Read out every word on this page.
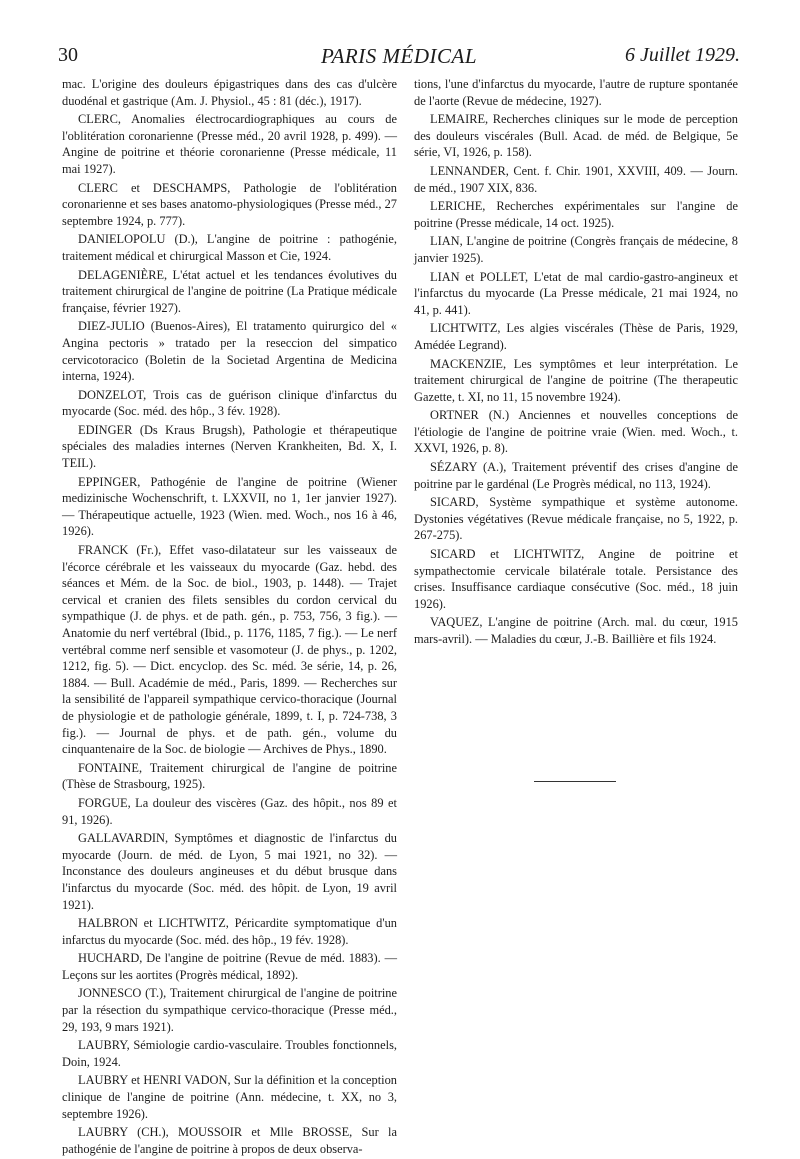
30	PARIS MÉDICAL	6 Juillet 1929.

mac. L'origine des douleurs épigastriques dans des cas d'ulcère duodénal et gastrique (Am. J. Physiol., 45 : 81 (déc.), 1917).

CLERC, Anomalies électrocardiographiques au cours de l'oblitération coronarienne (Presse méd., 20 avril 1928, p. 499). — Angine de poitrine et théorie coronarienne (Presse médicale, 11 mai 1927).

CLERC et DESCHAMPS, Pathologie de l'oblitération coronarienne et ses bases anatomo-physiologiques (Presse méd., 27 septembre 1924, p. 777).

DANIELOPOLU (D.), L'angine de poitrine : pathogénie, traitement médical et chirurgical Masson et Cie, 1924.

DELAGENIÈRE, L'état actuel et les tendances évolutives du traitement chirurgical de l'angine de poitrine (La Pratique médicale française, février 1927).

DIEZ-JULIO (Buenos-Aires), El tratamento quirurgico del « Angina pectoris » tratado per la reseccion del simpatico cervicotoracico (Boletin de la Societad Argentina de Medicina interna, 1924).

DONZELOT, Trois cas de guérison clinique d'infarctus du myocarde (Soc. méd. des hôp., 3 fév. 1928).

EDINGER (Ds Kraus Brugsh), Pathologie et thérapeutique spéciales des maladies internes (Nerven Krankheiten, Bd. X, I. TEIL).

EPPINGER, Pathogénie de l'angine de poitrine (Wiener medizinische Wochenschrift, t. LXXVII, no 1, 1er janvier 1927). — Thérapeutique actuelle, 1923 (Wien. med. Woch., nos 16 à 46, 1926).

FRANCK (Fr.), Effet vaso-dilatateur sur les vaisseaux de l'écorce cérébrale et les vaisseaux du myocarde (Gaz. hebd. des séances et Mém. de la Soc. de biol., 1903, p. 1448). — Trajet cervical et cranien des filets sensibles du cordon cervical du sympathique (J. de phys. et de path. gén., p. 753, 756, 3 fig.). — Anatomie du nerf vertébral (Ibid., p. 1176, 1185, 7 fig.). — Le nerf vertébral comme nerf sensible et vasomoteur (J. de phys., p. 1202, 1212, fig. 5). — Dict. encyclop. des Sc. méd. 3e série, 14, p. 26, 1884. — Bull. Académie de méd., Paris, 1899. — Recherches sur la sensibilité de l'appareil sympathique cervico-thoracique (Journal de physiologie et de pathologie générale, 1899, t. I, p. 724-738, 3 fig.). — Journal de phys. et de path. gén., volume du cinquantenaire de la Soc. de biologie — Archives de Phys., 1890.

FONTAINE, Traitement chirurgical de l'angine de poitrine (Thèse de Strasbourg, 1925).

FORGUE, La douleur des viscères (Gaz. des hôpit., nos 89 et 91, 1926).

GALLAVARDIN, Symptômes et diagnostic de l'infarctus du myocarde (Journ. de méd. de Lyon, 5 mai 1921, no 32). — Inconstance des douleurs angineuses et du début brusque dans l'infarctus du myocarde (Soc. méd. des hôpit. de Lyon, 19 avril 1921).

HALBRON et LICHTWITZ, Péricardite symptomatique d'un infarctus du myocarde (Soc. méd. des hôp., 19 fév. 1928).

HUCHARD, De l'angine de poitrine (Revue de méd. 1883). — Leçons sur les aortites (Progrès médical, 1892).

JONNESCO (T.), Traitement chirurgical de l'angine de poitrine par la résection du sympathique cervico-thoracique (Presse méd., 29, 193, 9 mars 1921).

LAUBRY, Sémiologie cardio-vasculaire. Troubles fonctionnels, Doin, 1924.

LAUBRY et HENRI VADON, Sur la définition et la conception clinique de l'angine de poitrine (Ann. médecine, t. XX, no 3, septembre 1926).

LAUBRY (CH.), MOUSSOIR et Mlle BROSSE, Sur la pathogénie de l'angine de poitrine à propos de deux observa-

tions, l'une d'infarctus du myocarde, l'autre de rupture spontanée de l'aorte (Revue de médecine, 1927).

LEMAIRE, Recherches cliniques sur le mode de perception des douleurs viscérales (Bull. Acad. de méd. de Belgique, 5e série, VI, 1926, p. 158).

LENNANDER, Cent. f. Chir. 1901, XXVIII, 409. — Journ. de méd., 1907 XIX, 836.

LERICHE, Recherches expérimentales sur l'angine de poitrine (Presse médicale, 14 oct. 1925).

LIAN, L'angine de poitrine (Congrès français de médecine, 8 janvier 1925).

LIAN et POLLET, L'etat de mal cardio-gastro-angineux et l'infarctus du myocarde (La Presse médicale, 21 mai 1924, no 41, p. 441).

LICHTWITZ, Les algies viscérales (Thèse de Paris, 1929, Amédée Legrand).

MACKENZIE, Les symptômes et leur interprétation. Le traitement chirurgical de l'angine de poitrine (The therapeutic Gazette, t. XI, no 11, 15 novembre 1924).

ORTNER (N.) Anciennes et nouvelles conceptions de l'étiologie de l'angine de poitrine vraie (Wien. med. Woch., t. XXVI, 1926, p. 8).

SÉZARY (A.), Traitement préventif des crises d'angine de poitrine par le gardénal (Le Progrès médical, no 113, 1924).

SICARD, Système sympathique et système autonome. Dystonies végétatives (Revue médicale française, no 5, 1922, p. 267-275).

SICARD et LICHTWITZ, Angine de poitrine et sympathectomie cervicale bilatérale totale. Persistance des crises. Insuffisance cardiaque consécutive (Soc. méd., 18 juin 1926).

VAQUEZ, L'angine de poitrine (Arch. mal. du cœur, 1915 mars-avril). — Maladies du cœur, J.-B. Baillière et fils 1924.
